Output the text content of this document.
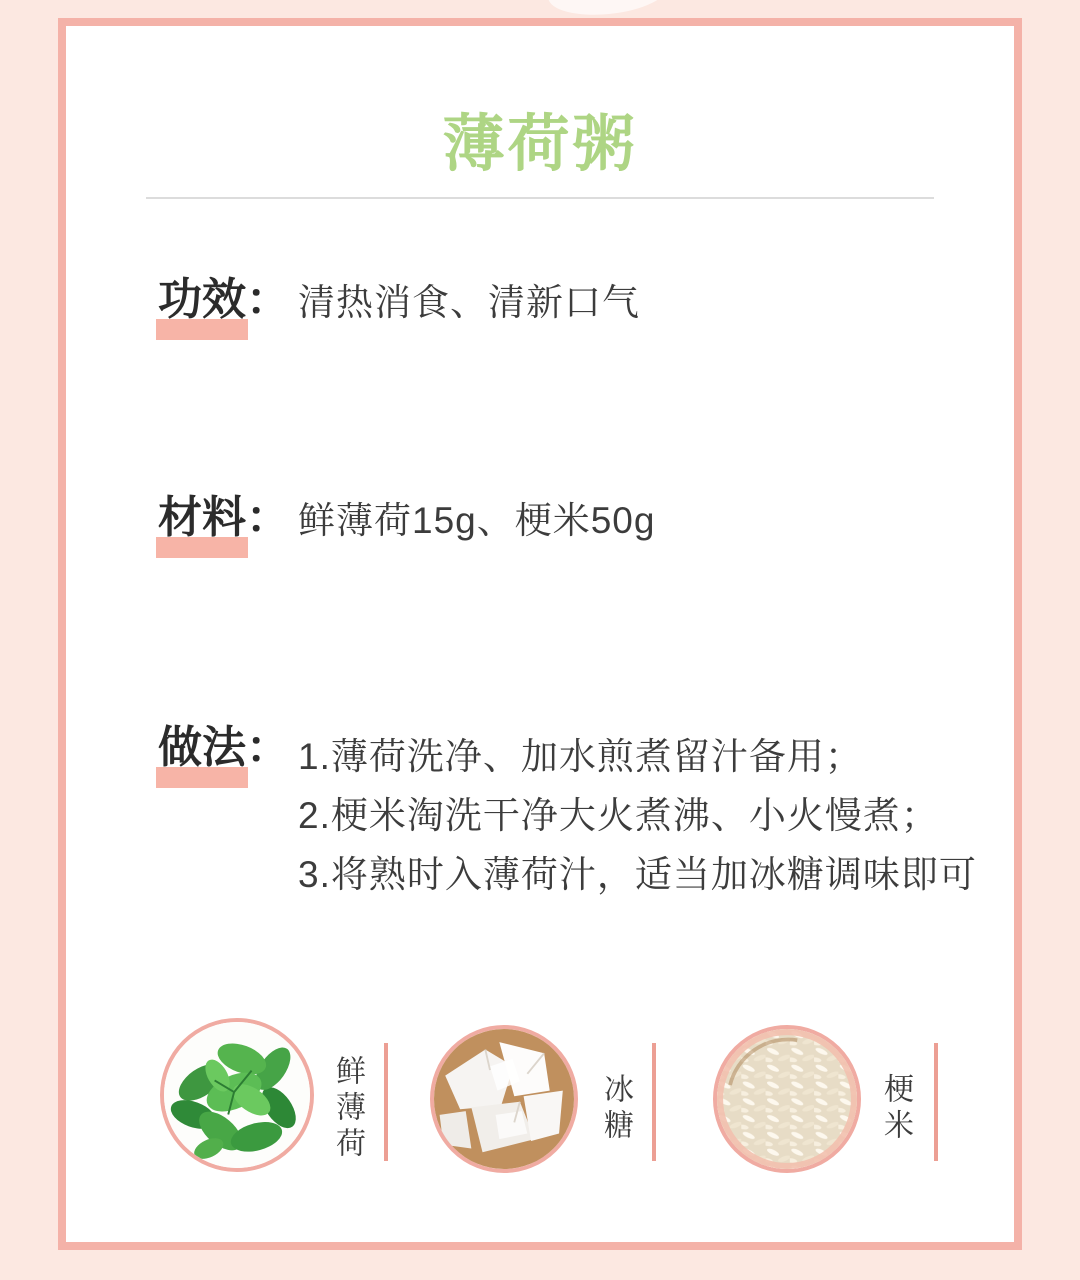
薄荷粥
功效 ： 清热消食、清新口气
材料 ： 鲜薄荷15g、梗米50g
做法 ： 1.薄荷洗净、加水煎煮留汁备用；
2.梗米淘洗干净大火煮沸、小火慢煮；
3.将熟时入薄荷汁，适当加冰糖调味即可
鲜薄荷	冰糖	梗米
